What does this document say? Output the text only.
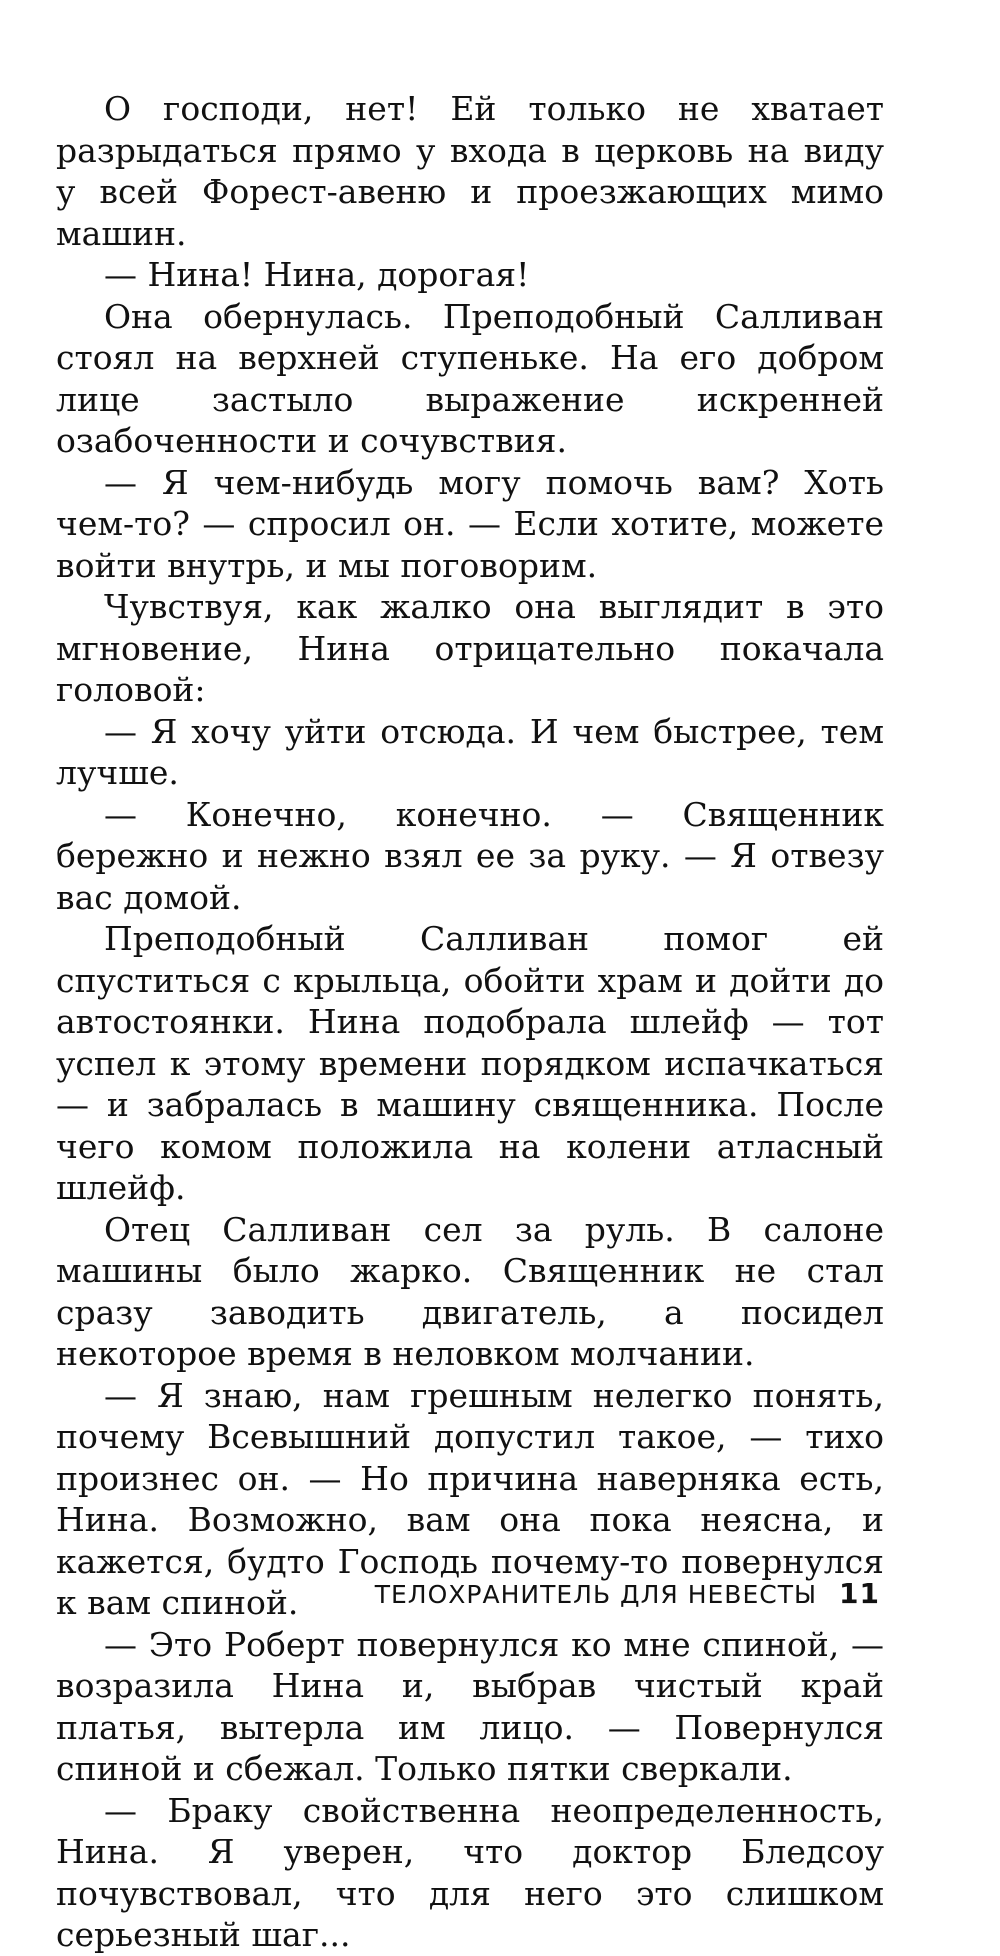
О господи, нет! Ей только не хватает разрыдаться прямо у входа в церковь на виду у всей Форест-авеню и проезжающих мимо машин.

— Нина! Нина, дорогая!

Она обернулась. Преподобный Салливан стоял на верхней ступеньке. На его добром лице застыло выражение искренней озабоченности и сочувствия.

— Я чем-нибудь могу помочь вам? Хоть чем-то? — спросил он. — Если хотите, можете войти внутрь, и мы поговорим.

Чувствуя, как жалко она выглядит в это мгновение, Нина отрицательно покачала головой:

— Я хочу уйти отсюда. И чем быстрее, тем лучше.

— Конечно, конечно. — Священник бережно и нежно взял ее за руку. — Я отвезу вас домой.

Преподобный Салливан помог ей спуститься с крыльца, обойти храм и дойти до автостоянки. Нина подобрала шлейф — тот успел к этому времени порядком испачкаться — и забралась в машину священника. После чего комом положила на колени атласный шлейф.

Отец Салливан сел за руль. В салоне машины было жарко. Священник не стал сразу заводить двигатель, а посидел некоторое время в неловком молчании.

— Я знаю, нам грешным нелегко понять, почему Всевышний допустил такое, — тихо произнес он. — Но причина наверняка есть, Нина. Возможно, вам она пока неясна, и кажется, будто Господь почему-то повернулся к вам спиной.

— Это Роберт повернулся ко мне спиной, — возразила Нина и, выбрав чистый край платья, вытерла им лицо. — Повернулся спиной и сбежал. Только пятки сверкали.

— Браку свойственна неопределенность, Нина. Я уверен, что доктор Бледсоу почувствовал, что для него это слишком серьезный шаг...

ТЕЛОХРАНИТЕЛЬ ДЛЯ НЕВЕСТЫ 11
